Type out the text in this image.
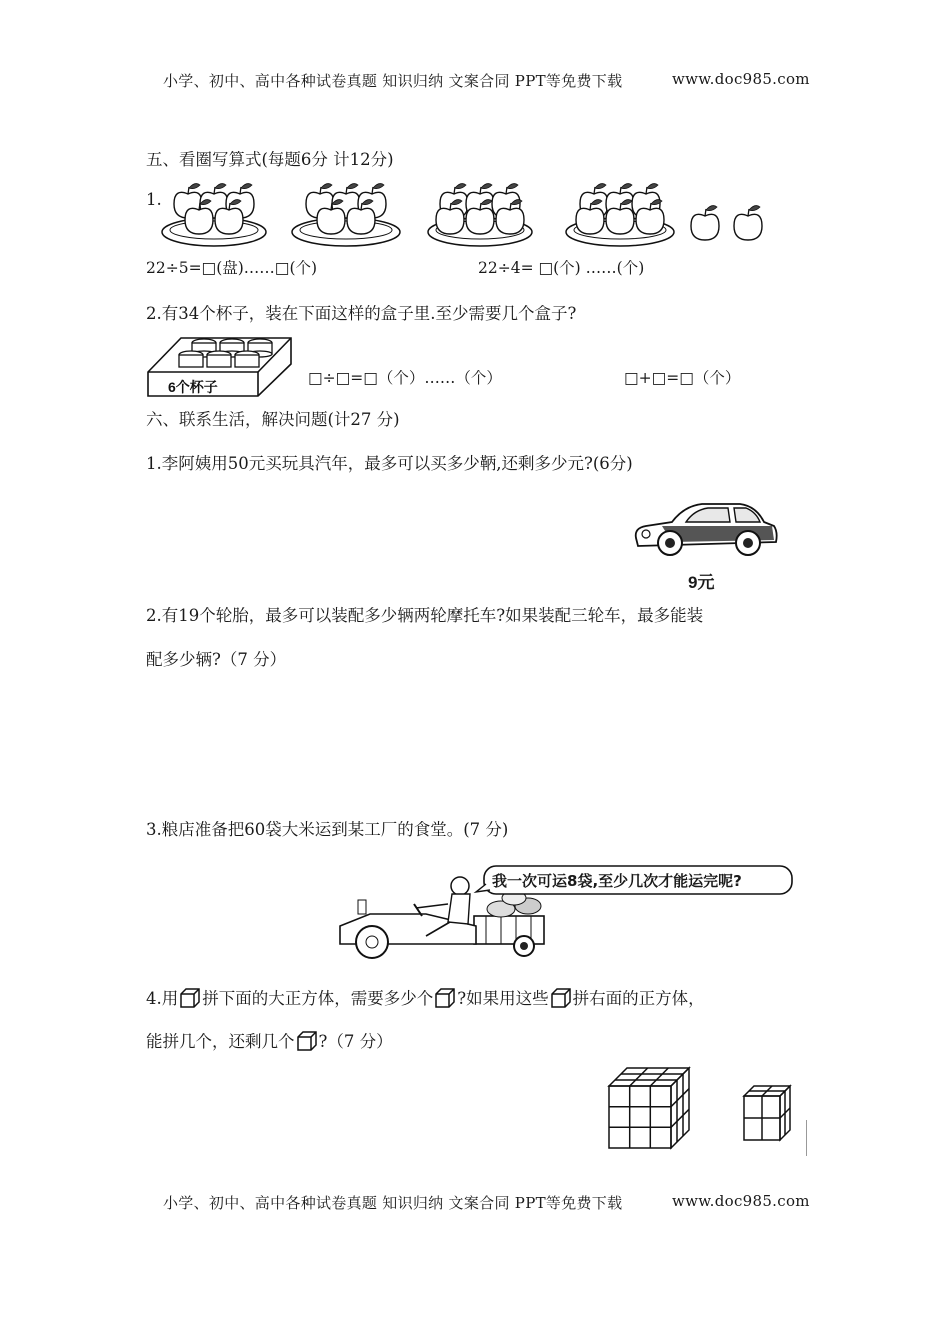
小学、初中、高中各种试卷真题 知识归纳 文案合同 PPT等免费下载	www.doc985.com
五、看圈写算式(每题6分 计12分)
1.
22÷5=□(盘)……□(个)	22÷4= □(个) ……(个)
2.有34个杯子，装在下面这样的盒子里.至少需要几个盒子?
6个杯子	□÷□=□（个）……（个）	□+□=□（个）
六、联系生活，解决问题(计27 分)
1.李阿姨用50元买玩具汽年，最多可以买多少鞆,还剩多少元?(6分)
9元
2.有19个轮胎，最多可以装配多少辆两轮摩托车?如果装配三轮车，最多能装
配多少辆?（7 分）
3.粮店准备把60袋大米运到某工厂的食堂。(7 分)
我一次可运8袋,至少几次才能运完呢?
4.用 拼下面的大正方体，需要多少个 ?如果用这些 拼右面的正方体，
能拼几个，还剩几个 ?（7 分）
小学、初中、高中各种试卷真题 知识归纳 文案合同 PPT等免费下载	www.doc985.com
